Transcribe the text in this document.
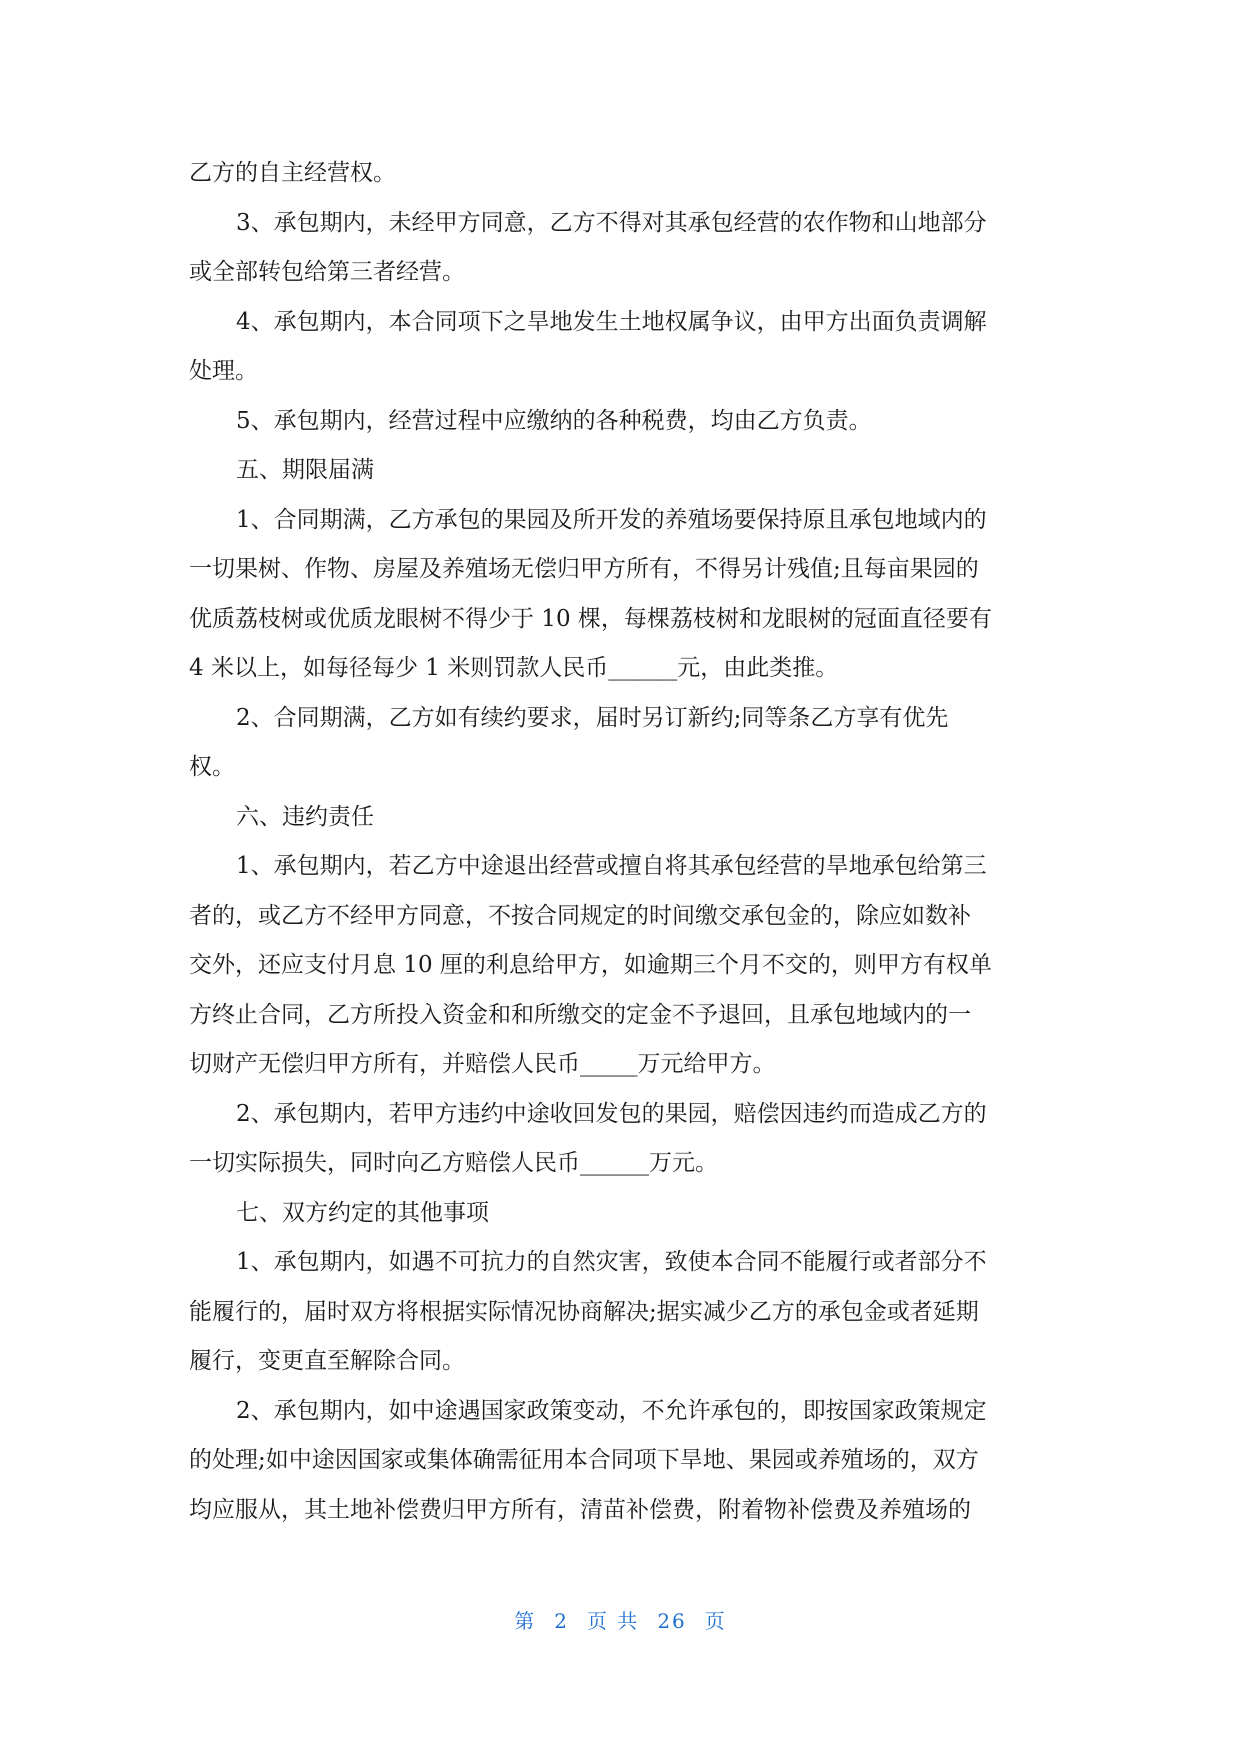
乙方的自主经营权。

3、承包期内，未经甲方同意，乙方不得对其承包经营的农作物和山地部分

或全部转包给第三者经营。

4、承包期内，本合同项下之旱地发生土地权属争议，由甲方出面负责调解

处理。

5、承包期内，经营过程中应缴纳的各种税费，均由乙方负责。

五、期限届满

1、合同期满，乙方承包的果园及所开发的养殖场要保持原且承包地域内的

一切果树、作物、房屋及养殖场无偿归甲方所有，不得另计残值;且每亩果园的

优质荔枝树或优质龙眼树不得少于 10 棵，每棵荔枝树和龙眼树的冠面直径要有

4 米以上，如每径每少 1 米则罚款人民币______元，由此类推。

2、合同期满，乙方如有续约要求，届时另订新约;同等条乙方享有优先

权。

六、违约责任

1、承包期内，若乙方中途退出经营或擅自将其承包经营的旱地承包给第三

者的，或乙方不经甲方同意，不按合同规定的时间缴交承包金的，除应如数补

交外，还应支付月息 10 厘的利息给甲方，如逾期三个月不交的，则甲方有权单

方终止合同，乙方所投入资金和和所缴交的定金不予退回，且承包地域内的一

切财产无偿归甲方所有，并赔偿人民币_____万元给甲方。

2、承包期内，若甲方违约中途收回发包的果园，赔偿因违约而造成乙方的

一切实际损失，同时向乙方赔偿人民币______万元。

七、双方约定的其他事项

1、承包期内，如遇不可抗力的自然灾害，致使本合同不能履行或者部分不

能履行的，届时双方将根据实际情况协商解决;据实减少乙方的承包金或者延期

履行，变更直至解除合同。

2、承包期内，如中途遇国家政策变动，不允许承包的，即按国家政策规定

的处理;如中途因国家或集体确需征用本合同项下旱地、果园或养殖场的，双方

均应服从，其土地补偿费归甲方所有，清苗补偿费，附着物补偿费及养殖场的

第 2 页 共 26 页
